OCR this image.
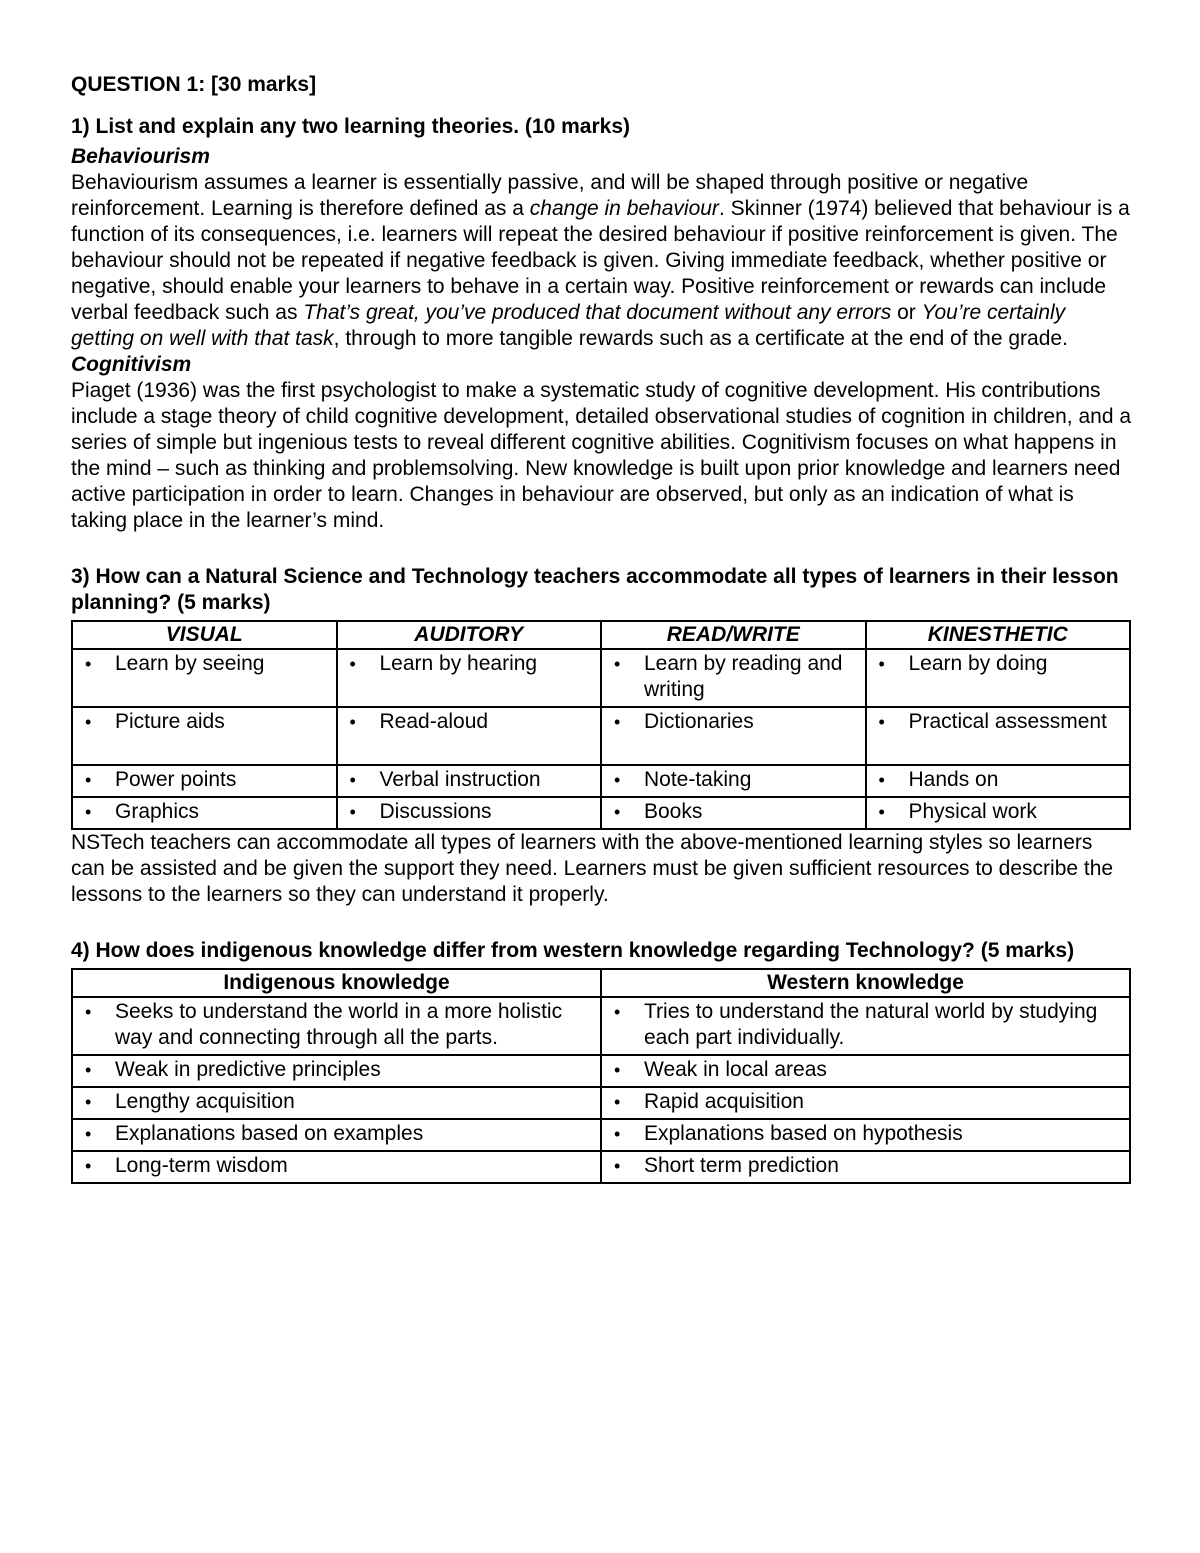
QUESTION 1: [30 marks]

1) List and explain any two learning theories. (10 marks)

Behaviourism

Behaviourism assumes a learner is essentially passive, and will be shaped through positive or negative reinforcement. Learning is therefore defined as a change in behaviour. Skinner (1974) believed that behaviour is a function of its consequences, i.e. learners will repeat the desired behaviour if positive reinforcement is given. The behaviour should not be repeated if negative feedback is given. Giving immediate feedback, whether positive or negative, should enable your learners to behave in a certain way. Positive reinforcement or rewards can include verbal feedback such as That’s great, you’ve produced that document without any errors or You’re certainly getting on well with that task, through to more tangible rewards such as a certificate at the end of the grade.

Cognitivism

Piaget (1936) was the first psychologist to make a systematic study of cognitive development. His contributions include a stage theory of child cognitive development, detailed observational studies of cognition in children, and a series of simple but ingenious tests to reveal different cognitive abilities. Cognitivism focuses on what happens in the mind – such as thinking and problemsolving. New knowledge is built upon prior knowledge and learners need active participation in order to learn. Changes in behaviour are observed, but only as an indication of what is taking place in the learner’s mind.

3) How can a Natural Science and Technology teachers accommodate all types of learners in their lesson planning? (5 marks)

VISUAL	AUDITORY	READ/WRITE	KINESTHETIC

• Learn by seeing	• Learn by hearing	• Learn by reading and writing	• Learn by doing

• Picture aids	• Read-aloud	• Dictionaries	• Practical assessment

• Power points	• Verbal instruction	• Note-taking	• Hands on

• Graphics	• Discussions	• Books	• Physical work

NSTech teachers can accommodate all types of learners with the above-mentioned learning styles so learners can be assisted and be given the support they need. Learners must be given sufficient resources to describe the lessons to the learners so they can understand it properly.

4) How does indigenous knowledge differ from western knowledge regarding Technology? (5 marks)

Indigenous knowledge	Western knowledge

• Seeks to understand the world in a more holistic way and connecting through all the parts.	• Tries to understand the natural world by studying each part individually.

• Weak in predictive principles	• Weak in local areas

• Lengthy acquisition	• Rapid acquisition

• Explanations based on examples	• Explanations based on hypothesis

• Long-term wisdom	• Short term prediction
